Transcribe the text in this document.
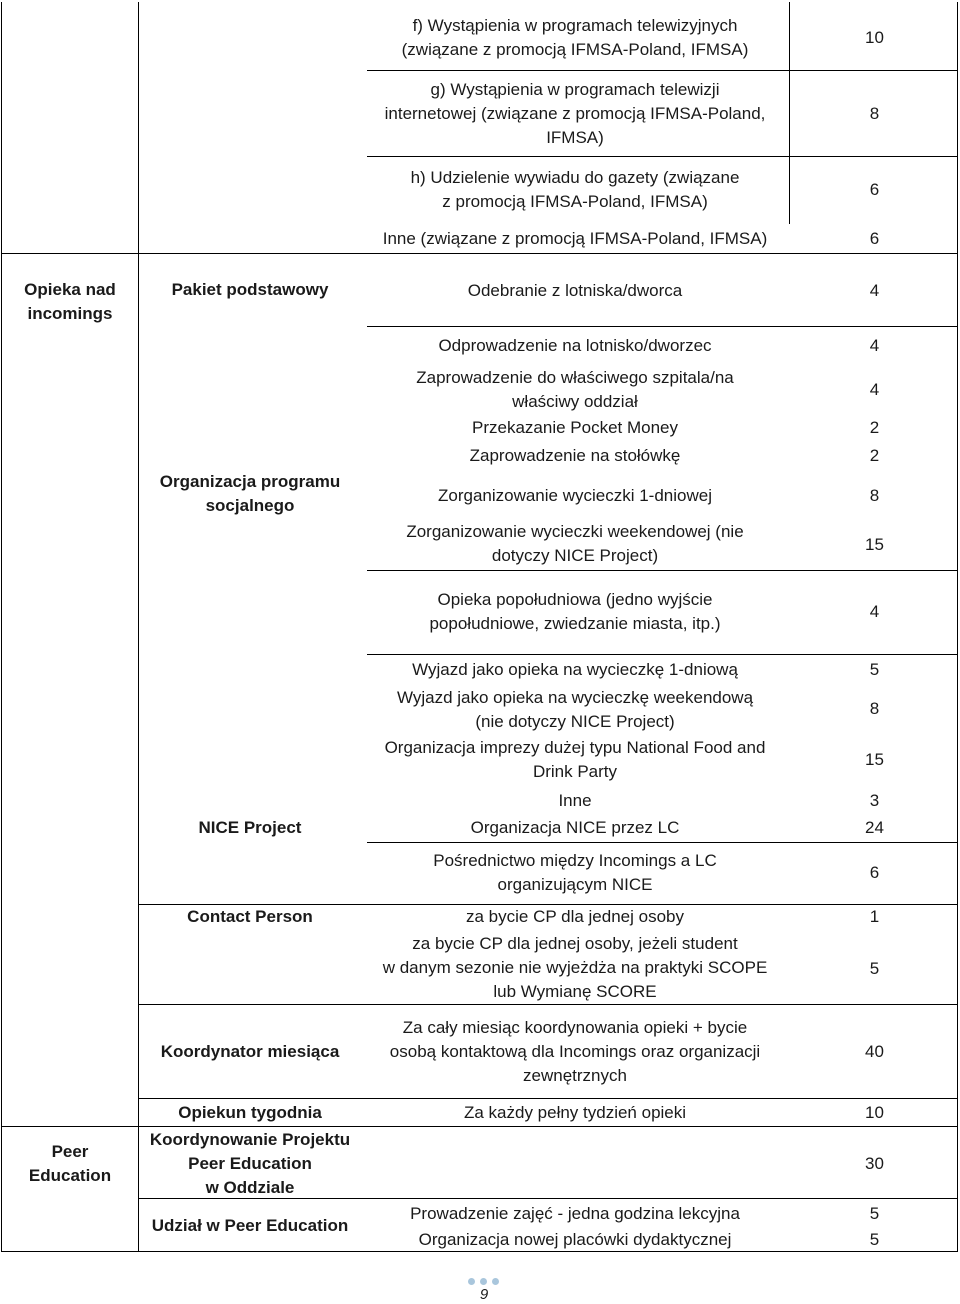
Opieka nad
incomings
Peer
Education
Pakiet podstawowy
Organizacja programu
socjalnego
NICE Project
Contact Person
Koordynator miesiąca
Opiekun tygodnia
Koordynowanie Projektu
Peer Education
w Oddziale
Udział w Peer Education
f) Wystąpienia w programach telewizyjnych
(związane z promocją IFMSA-Poland, IFMSA)
g) Wystąpienia w programach telewizji
internetowej (związane z promocją IFMSA-Poland,
IFMSA)
h) Udzielenie wywiadu do gazety (związane
z promocją IFMSA-Poland, IFMSA)
Inne (związane z promocją IFMSA-Poland, IFMSA)
Odebranie z lotniska/dworca
Odprowadzenie na lotnisko/dworzec
Zaprowadzenie do właściwego szpitala/na
właściwy oddział
Przekazanie Pocket Money
Zaprowadzenie na stołówkę
Zorganizowanie wycieczki 1-dniowej
Zorganizowanie wycieczki weekendowej (nie
dotyczy NICE Project)
Opieka popołudniowa (jedno wyjście
popołudniowe, zwiedzanie miasta, itp.)
Wyjazd jako opieka na wycieczkę 1-dniową
Wyjazd jako opieka na wycieczkę weekendową
(nie dotyczy NICE Project)
Organizacja imprezy dużej typu National Food and
Drink Party
Inne
Organizacja NICE przez LC
Pośrednictwo między Incomings a LC
organizującym NICE
za bycie CP dla jednej osoby
za bycie CP dla jednej osoby, jeżeli student
w danym sezonie nie wyjeżdża na praktyki SCOPE
lub Wymianę SCORE
Za cały miesiąc koordynowania opieki + bycie
osobą kontaktową dla Incomings oraz organizacji
zewnętrznych
Za każdy pełny tydzień opieki
Prowadzenie zajęć - jedna godzina lekcyjna
Organizacja nowej placówki dydaktycznej
10
8
6
6
4
4
4
2
2
8
15
4
5
8
15
3
24
6
1
5
40
10
30
5
5
9
